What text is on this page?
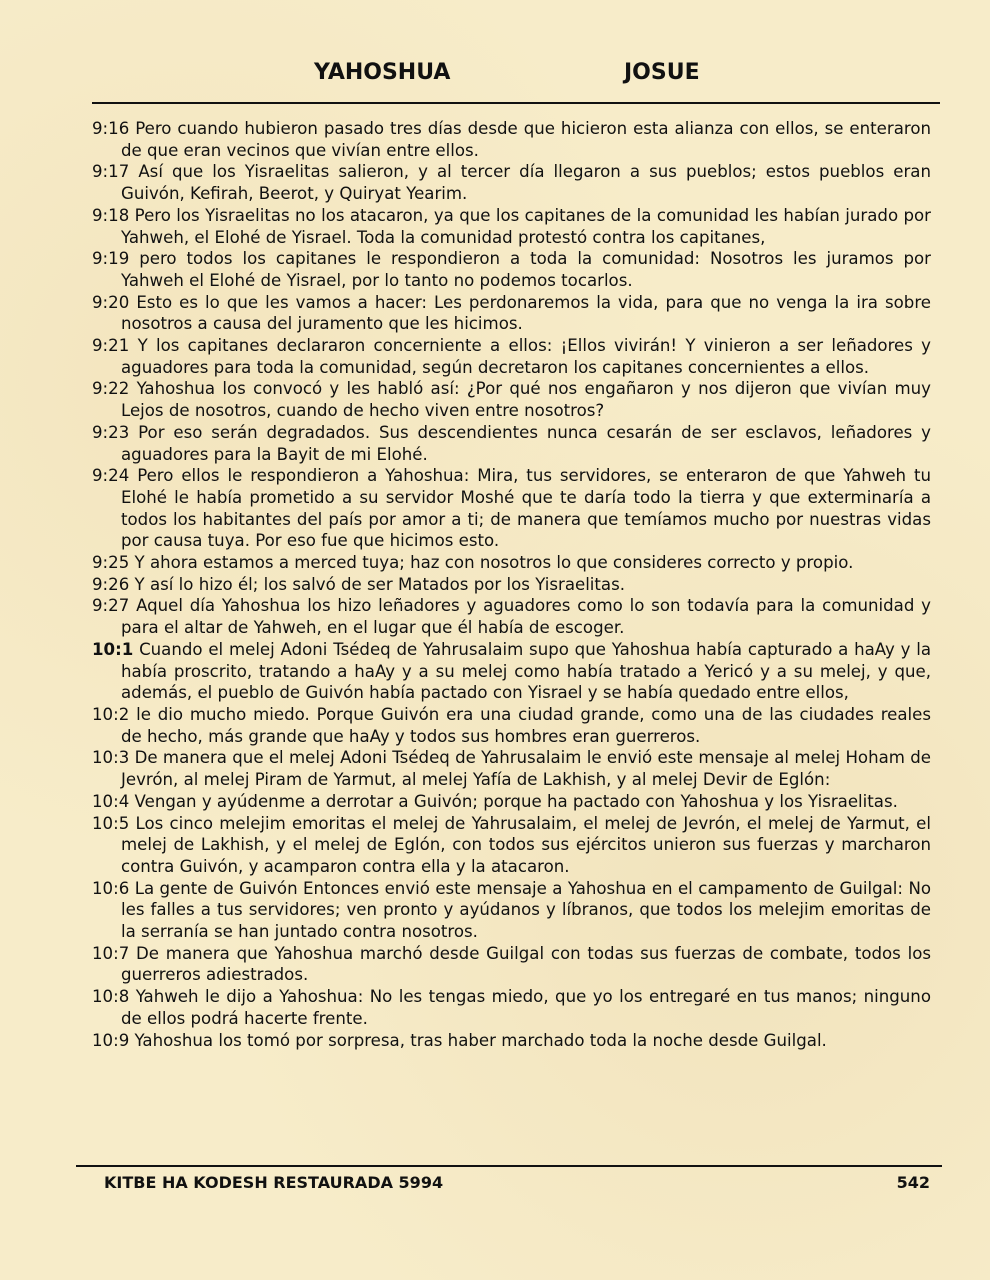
YAHOSHUA	JOSUE
9:16 Pero cuando hubieron pasado tres días desde que hicieron esta alianza con ellos, se enteraron de que eran vecinos que vivían entre ellos.
9:17 Así que los Yisraelitas salieron, y al tercer día llegaron a sus pueblos; estos pueblos eran Guivón, Kefirah, Beerot, y Quiryat Yearim.
9:18 Pero los Yisraelitas no los atacaron, ya que los capitanes de la comunidad les habían jurado por Yahweh, el Elohé de Yisrael. Toda la comunidad protestó contra los capitanes,
9:19 pero todos los capitanes le respondieron a toda la comunidad: Nosotros les juramos por Yahweh el Elohé de Yisrael, por lo tanto no podemos tocarlos.
9:20 Esto es lo que les vamos a hacer: Les perdonaremos la vida, para que no venga la ira sobre nosotros a causa del juramento que les hicimos.
9:21 Y los capitanes declararon concerniente a ellos: ¡Ellos vivirán! Y vinieron a ser leñadores y aguadores para toda la comunidad, según decretaron los capitanes concernientes a ellos.
9:22 Yahoshua los convocó y les habló así: ¿Por qué nos engañaron y nos dijeron que vivían muy Lejos de nosotros, cuando de hecho viven entre nosotros?
9:23 Por eso serán degradados. Sus descendientes nunca cesarán de ser esclavos, leñadores y aguadores para la Bayit de mi Elohé.
9:24 Pero ellos le respondieron a Yahoshua: Mira, tus servidores, se enteraron de que Yahweh tu Elohé le había prometido a su servidor Moshé que te daría todo la tierra y que exterminaría a todos los habitantes del país por amor a ti; de manera que temíamos mucho por nuestras vidas por causa tuya. Por eso fue que hicimos esto.
9:25 Y ahora estamos a merced tuya; haz con nosotros lo que consideres correcto y propio.
9:26 Y así lo hizo él; los salvó de ser Matados por los Yisraelitas.
9:27 Aquel día Yahoshua los hizo leñadores y aguadores como lo son todavía para la comunidad y para el altar de Yahweh, en el lugar que él había de escoger.
10:1 Cuando el melej Adoni Tsédeq de Yahrusalaim supo que Yahoshua había capturado a haAy y la había proscrito, tratando a haAy y a su melej como había tratado a Yericó y a su melej, y que, además, el pueblo de Guivón había pactado con Yisrael y se había quedado entre ellos,
10:2 le dio mucho miedo. Porque Guivón era una ciudad grande, como una de las ciudades reales de hecho, más grande que haAy y todos sus hombres eran guerreros.
10:3 De manera que el melej Adoni Tsédeq de Yahrusalaim le envió este mensaje al melej Hoham de Jevrón, al melej Piram de Yarmut, al melej Yafía de Lakhish, y al melej Devir de Eglón:
10:4 Vengan y ayúdenme a derrotar a Guivón; porque ha pactado con Yahoshua y los Yisraelitas.
10:5 Los cinco melejim emoritas el melej de Yahrusalaim, el melej de Jevrón, el melej de Yarmut, el melej de Lakhish, y el melej de Eglón, con todos sus ejércitos unieron sus fuerzas y marcharon contra Guivón, y acamparon contra ella y la atacaron.
10:6 La gente de Guivón Entonces envió este mensaje a Yahoshua en el campamento de Guilgal: No les falles a tus servidores; ven pronto y ayúdanos y líbranos, que todos los melejim emoritas de la serranía se han juntado contra nosotros.
10:7 De manera que Yahoshua marchó desde Guilgal con todas sus fuerzas de combate, todos los guerreros adiestrados.
10:8 Yahweh le dijo a Yahoshua: No les tengas miedo, que yo los entregaré en tus manos; ninguno de ellos podrá hacerte frente.
10:9 Yahoshua los tomó por sorpresa, tras haber marchado toda la noche desde Guilgal.
KITBE HA KODESH RESTAURADA 5994	542
